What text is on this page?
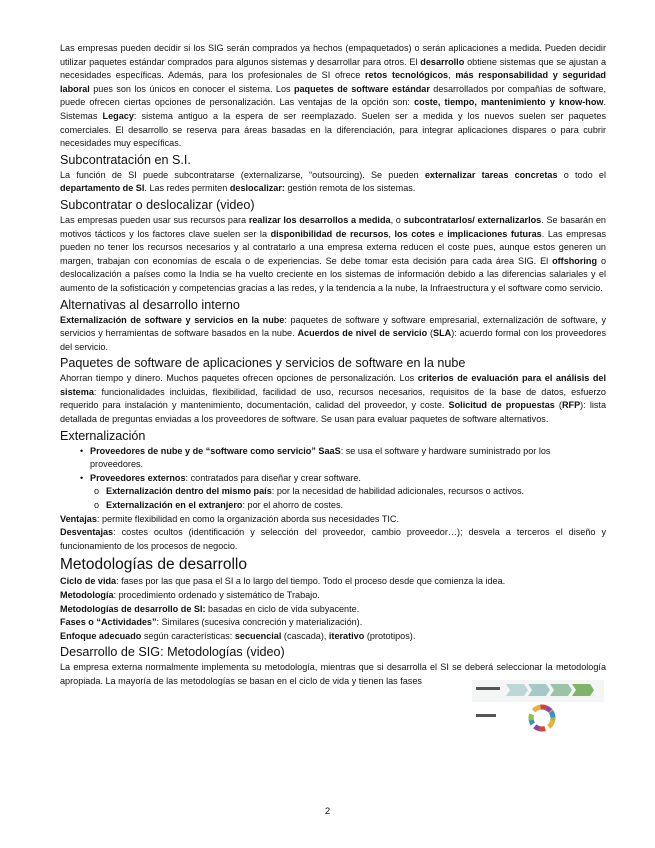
Las empresas pueden decidir si los SIG serán comprados ya hechos (empaquetados) o serán aplicaciones a medida. Pueden decidir utilizar paquetes estándar comprados para algunos sistemas y desarrollar para otros. El desarrollo obtiene sistemas que se ajustan a necesidades específicas. Además, para los profesionales de SI ofrece retos tecnológicos, más responsabilidad y seguridad laboral pues son los únicos en conocer el sistema. Los paquetes de software estándar desarrollados por compañías de software, puede ofrecen ciertas opciones de personalización. Las ventajas de la opción son: coste, tiempo, mantenimiento y know-how. Sistemas Legacy: sistema antiguo a la espera de ser reemplazado. Suelen ser a medida y los nuevos suelen ser paquetes comerciales. El desarrollo se reserva para áreas basadas en la diferenciación, para integrar aplicaciones dispares o para cubrir necesidades muy específicas.

Subcontratación en S.I.

La función de SI puede subcontratarse (externalizarse, “outsourcing). Se pueden externalizar tareas concretas o todo el departamento de SI. Las redes permiten deslocalizar: gestión remota de los sistemas.

Subcontratar o deslocalizar (video)

Las empresas pueden usar sus recursos para realizar los desarrollos a medida, o subcontratarlos/ externalizarlos. Se basarán en motivos tácticos y los factores clave suelen ser la disponibilidad de recursos, los cotes e implicaciones futuras. Las empresas pueden no tener los recursos necesarios y al contratarlo a una empresa externa reducen el coste pues, aunque estos generen un margen, trabajan con economías de escala o de experiencias. Se debe tomar esta decisión para cada área SIG. El offshoring o deslocalización a países como la India se ha vuelto creciente en los sistemas de información debido a las diferencias salariales y el aumento de la sofisticación y competencias gracias a las redes, y la tendencia a la nube, la Infraestructura y el software como servicio.

Alternativas al desarrollo interno

Externalización de software y servicios en la nube: paquetes de software y software empresarial, externalización de software, y servicios y herramientas de software basados en la nube. Acuerdos de nivel de servicio (SLA): acuerdo formal con los proveedores del servicio.

Paquetes de software de aplicaciones y servicios de software en la nube

Ahorran tiempo y dinero. Muchos paquetes ofrecen opciones de personalización. Los criterios de evaluación para el análisis del sistema: funcionalidades incluidas, flexibilidad, facilidad de uso, recursos necesarios, requisitos de la base de datos, esfuerzo requerido para instalación y mantenimiento, documentación, calidad del proveedor, y coste. Solicitud de propuestas (RFP): lista detallada de preguntas enviadas a los proveedores de software. Se usan para evaluar paquetes de software alternativos.

Externalización
• Proveedores de nube y de “software como servicio” SaaS: se usa el software y hardware suministrado por los proveedores.
• Proveedores externos: contratados para diseñar y crear software.
o Externalización dentro del mismo país: por la necesidad de habilidad adicionales, recursos o activos.
o Externalización en el extranjero: por el ahorro de costes.

Ventajas: permite flexibilidad en como la organización aborda sus necesidades TIC.

Desventajas: costes ocultos (identificación y selección del proveedor, cambio proveedor…); desvela a terceros el diseño y funcionamiento de los procesos de negocio.

Metodologías de desarrollo

Ciclo de vida: fases por las que pasa el SI a lo largo del tiempo. Todo el proceso desde que comienza la idea.

Metodología: procedimiento ordenado y sistemático de Trabajo.

Metodologías de desarrollo de SI: basadas en ciclo de vida subyacente.

Fases o “Actividades”: Similares (sucesiva concreción y materialización).

Enfoque adecuado según características: secuencial (cascada), iterativo (prototipos).

Desarrollo de SIG: Metodologías (video)

La empresa externa normalmente implementa su metodología, mientras que si desarrolla el SI se deberá seleccionar la metodología apropiada. La mayoría de las metodologías se basan en el ciclo de vida y tienen las fases

2
